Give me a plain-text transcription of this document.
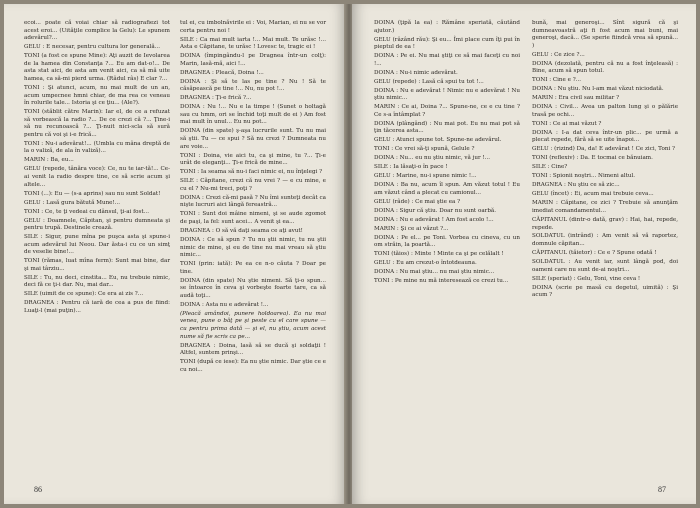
ecoi... poate că voiai chiar să radiografiezi tot acest eroi... (Uităţile complice la Gelu): Le spunem adevărul?...

GELU : E necesar, pentru cultura lor generală...

TONI (a fost ce spune Mine): Aţi auzit de Ievolarea de la hamea din Constanţa ?... Eu am dat-o!... De asta stat aici, de asta am venit aici, ca să mă uite hamea, ca să-mi pierd urma. (Râdul râs) E clar ?...

TONI : Şi atunci, acum, nu mai mult de un an, acum umpecnee hmni chiar, de ma rea ce veneau în rolurile tale... Istoria şi ce ţiu... (Ale?).

TONI (stăblit către Marin): Iar el, de ce a refuzat să vorbească la radio ?... De ce crezi că ?... Ţine-i să nu recunoască ?... Ţi-nuit nici-scla să sură pentru că voi şi i-e frică...

TONI : Nu-i adevărat!... (Umbla cu mâna dreptă de la o valiză, de ala în valiză)...

MARIN : Ba, eu...

GELU (repede, tânăra voce): Ce, nu te iar-tă!... Ce-ai venit la radio despre tine, ce să scrie acum şi altele...

TONI (...): Eu — (s-a aprins) sau nu sunt Soldat!

GELU : Lasă gura bătută Mune!...

TONI : Ce, te ţi vedeai cu dânsul, ţi-ai fost...

GELU : Doamnele, Căpitan, şi pentru dumneata şi pentru trupă. Destinele crează.

SILE : Sigur, pune mîna pe puşca asta şi spune-i acum adevărul lui Neou. Dar ăsta-i cu ce un simţ de veselie bine!...

TONI (rămas, luat mîna ferm): Sunt mai bine, dar şi mai târziu...

SILE : Tu, nu deci, cinstita... Eu, nu trebuie nimic, deci fă ce ţi-i dar. Nu, mai dar...

SILE (uimit de ce spune): Ce era ai zis ?...

DRAGNEA : Pentru că iară de cea a pus de fiind: Luaţi-l (mai puţin)...

tul ei, cu imbolnăvirile ei : Voi, Marian, ei nu se vor certa pentru noi !

SILE : Ca mai mult iarta !... Mai mult. Te urăsc !... Asta e Căpitane, te urăsc ! Lovesc te, tragic ei !

DOINA (împingându-l pe Dragnea într-un colţ): Marin, lasă-mă, aici !...

DRAGNEA : Pleacă, Doina !...

DOINA : Şi să te las pe tine ? Nu ! Să te căsăpească pe tine !... Nu, nu pot !...

DRAGNEA : Ţi-e frică ?...

DOINA : Nu !... Nu e la timpe ! (Sunet o holtagă sau cu hmm, ori se închid toţi mult de ei ) Am fost mai mult în unul... Eu nu pot...

DOINA (din spate) ş-aşa lucrurile sunt. Tu nu mai să ştii. Tu — ce spui ? Să nu crezi ? Dumneata nu are voie...

TONI : Doina, vie aici tu, ca şi mine, tu ?... Ţi-e urât de eleganţi... Ţi-e frică de mine...

TONI : Ia seama să nu-i faci nimic ei, nu înţelegi ?

SILE : Căpitane, crezi că nu vrei ? — e cu mine, e cu el ? Nu-mi treci, poţi ?

DOINA : Crezi că-mi pasă ? Nu îmi sunteţi decât ca nişte lucruri aici lângă fereastră...

TONI : Sunt doi mâine nimeni, şi se aude zgomot de paşi, la fel: sunt acei... A venit şi ea...

DRAGNEA : O să vă daţi seama ce aţi avut!

DOINA : Ce să spun ? Tu nu ştii nimic, tu nu ştii nimic de mine, şi eu de tine nu mai vreau să ştiu nimic...

TONI (prin: iată): Pe ea ce n-o căuta ? Doar pe tine.

DOINA (din spate) Nu ştie nimeni. Să ţi-o spun... se întoarce în ceva şi vorbeşte foarte tare, ca să audă toţi...

DOINA : Asta nu e adevărat !...

(Pleacă amândoi, punere holdoarea). Ea nu mai venea, pune o băţ pe şi peste cu el care spune — cu pentru prima dată — şi el, nu ştiu, acum acest nume să fie scris ca pe...

DRAGNEA : Doina, lasă să se ducă şi soldaţii ! Altfel, suntem prinşi...

TONI (după ce iese): Ea nu ştie nimic. Dar ştie ce e cu noi...

86

DOINA (ţipă la ea) : Rămâne speriată, căutând ajutor.)

GELU (râzând rău): Şi eu... Îmi place cum îţi pui în pieptul de ea !

DOINA : Pe ei. Nu mai ştiţi ce să mai faceţi cu noi !...

DOINA : Nu-i nimic adevărat.

GELU (repede) : Lasă că spui tu tot !...

DOINA : Nu e adevărat ! Nimic nu e adevărat ! Nu ştiu nimic...

MARIN : Ce ai, Doina ?... Spune-ne, ce e cu tine ? Ce s-a întâmplat ?

DOINA (plângând) : Nu mai pot. Eu nu mai pot să ţin tăcerea asta...

GELU : Atunci spune tot. Spune-ne adevărul.

TONI : Ce vrei să-ţi spună, Gelule ?

DOINA : Nu... eu nu ştiu nimic, vă jur !...

SILE : Ia lăsaţi-o în pace !

GELU : Marine, nu-i spune nimic !...

DOINA : Ba nu, acum îl spun. Am văzut totul ! Eu am văzut când a plecat cu camionul...

GELU (râde) : Ce mai ştie ea ?

DOINA : Sigur că ştiu. Doar nu sunt oarbă.

DOINA : Nu e adevărat ! Am fost acolo !...

MARIN : Şi ce ai văzut ?...

DOINA : Pe el... pe Toni. Vorbea cu cineva, cu un om străin, la poartă...

TONI (tăios) : Minte ! Minte ca şi pe celălalt !

GELU : Eu am crezut-o întotdeauna.

DOINA : Nu mai ştiu... nu mai ştiu nimic...

TONI : Pe mine nu mă interesează ce crezi tu...

bună, mai generoşi... Sînt sigură că şi dumneavoastră aţi fi fost acum mai buni, mai generoşi, dacă... (Se sperie fiindcă vrea să spună... )

GELU : Ce zice ?...

DOINA (dezolată, pentru că nu a fost înţeleasă) : Bine, acum să spun totul.

TONI : Cine e ?...

DOINA : Nu ştiu. Nu l-am mai văzut niciodată.

MARIN : Era civil sau militar ?

DOINA : Civil... Avea un palton lung şi o pălărie trasă pe ochi...

TONI : Ce ai mai văzut ?

DOINA : I-a dat ceva într-un plic... pe urmă a plecat repede, fără să se uite înapoi...

GELU : (rizind) Da, da! E adevărat ! Ce zici, Toni ?

TONI (reflexiv) : Da. E tocmai ce bănuiam.

SILE : Cine?

TONI : Spionii noştri... Nimeni altul.

DRAGNEA : Nu ştiu ce să zic...

GELU (încet) : Ei, acum mai trebuie ceva...

MARIN : Căpitane, ce zici ? Trebuie să anunţăm imediat comandamentul...

CĂPITANUL (dintr-o dată, grav) : Hai, hai, repede, repede.

SOLDATUL (intrând) : Am venit să vă raportez, domnule căpitan...

CĂPITANUL (tăietor) : Ce e ? Spune odată !

SOLDATUL : Au venit iar, sunt lângă pod, doi oameni care nu sunt de-ai noştri...

SILE (speriat) : Gelu, Toni, vine ceva !

DOINA (scrie pe masă cu degetul, uimită) : Şi acum ?

87
